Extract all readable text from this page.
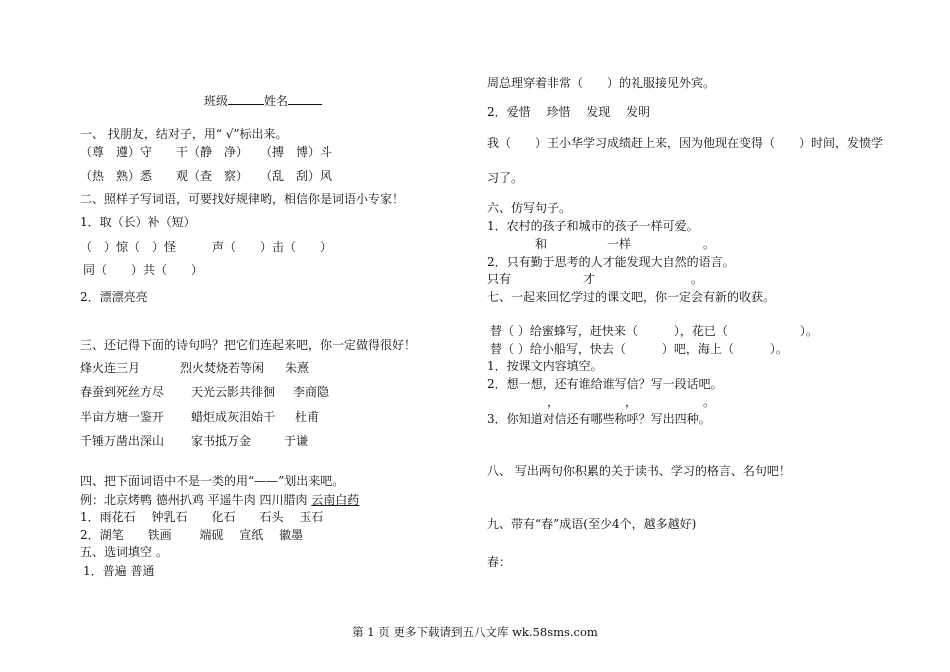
班级	姓名
一、 找朋友，结对子，用“ √”标出来。
（尊　遵）守　　干（静　净）　　（搏　博）斗
（热　熟）悉　　观（查　察）　　（乱　刮）风
二、照样子写词语，可要找好规律哟，相信你是词语小专家！
1．取（长）补（短）
（　）惊（　）怪　　　声（　　）击（　　）
同（　　）共（　　）
2．漂漂亮亮
三、还记得下面的诗句吗？把它们连起来吧，你一定做得很好！
烽火连三月	烈火焚烧若等闲 朱熹
春蚕到死丝方尽 天光云影共徘徊 李商隐
半亩方塘一鉴开 蜡炬成灰泪始干 杜甫
千锤万凿出深山 家书抵万金	于谦
四、把下面词语中不是一类的用“——”划出来吧。
例：北京烤鸭 德州扒鸡 平遥牛肉 四川腊肉 云南白药
1．雨花石　 钟乳石　　化石　　石头　 玉石
2．湖笔　　铁画　　 端砚　 宣纸　 徽墨
五、选词填空 。
1．普遍 普通
周总理穿着非常（　　）的礼服接见外宾。
2．爱惜　 珍惜　 发现　 发明
我（　　）王小华学习成绩赶上来，因为他现在变得（　　）时间，发愤学
习了。
六、仿写句子。
1．农村的孩子和城市的孩子一样可爱。
　　　　和　　　　　一样　　　　　　。
2．只有勤于思考的人才能发现大自然的语言。
只有　　　　　　才　　　　　　　　。
七、一起来回忆学过的课文吧，你一定会有新的收获。
替（ ）给蜜蜂写，赶快来（　　　），花已（　　　　　　）。
替（ ）给小船写，快去（　　　）吧，海上（　　　）。
1．按课文内容填空。
2．想一想，还有谁给谁写信？写一段话吧。
　　　　　，　　　　　　，　　　　　　。
3．你知道对信还有哪些称呼？写出四种。
八、 写出两句你积累的关于读书、学习的格言、名句吧！
九、带有“春”成语(至少4个，越多越好)
春：
第 1 页 更多下载请到五八文库 wk.58sms.com
